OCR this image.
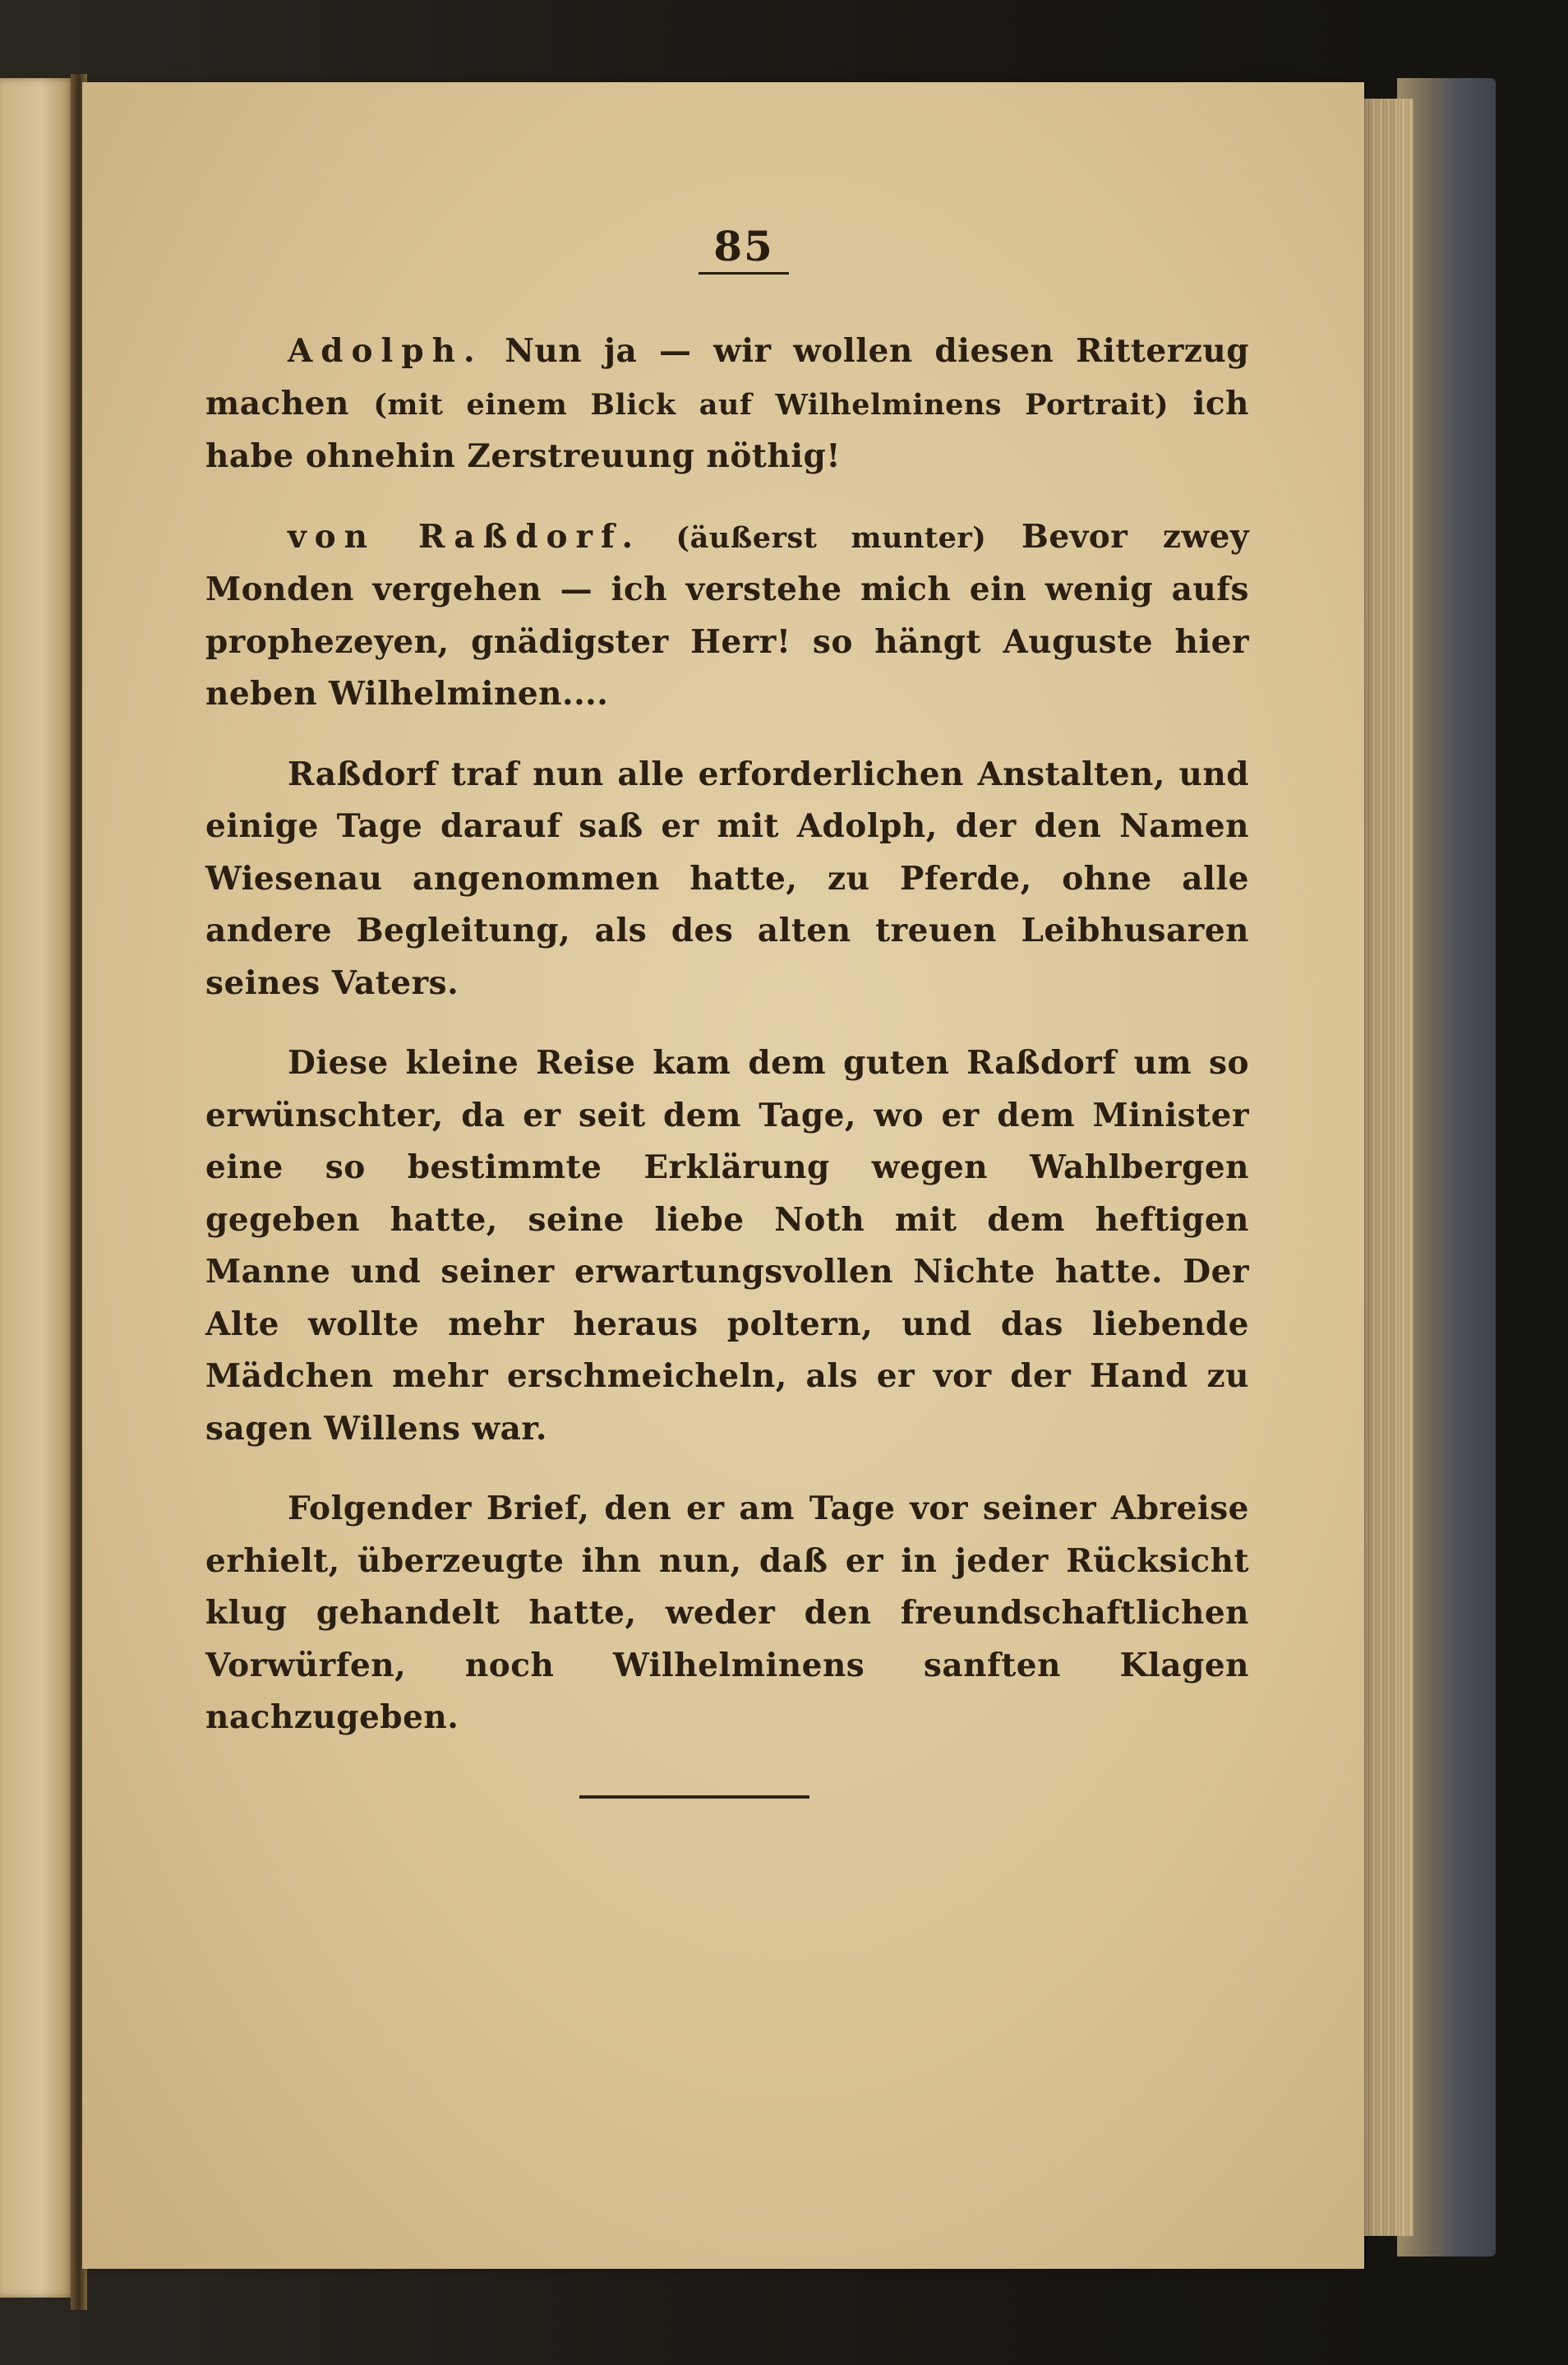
85

Adolph. Nun ja — wir wollen diesen Ritterzug machen (mit einem Blick auf Wilhelminens Portrait) ich habe ohnehin Zerstreuung nöthig!

von Raßdorf. (äußerst munter) Bevor zwey Monden vergehen — ich verstehe mich ein wenig aufs prophezeyen, gnädigster Herr! so hängt Auguste hier neben Wilhelminen....

Raßdorf traf nun alle erforderlichen Anstalten, und einige Tage darauf saß er mit Adolph, der den Namen Wiesenau angenommen hatte, zu Pferde, ohne alle andere Begleitung, als des alten treuen Leibhusaren seines Vaters.

Diese kleine Reise kam dem guten Raßdorf um so erwünschter, da er seit dem Tage, wo er dem Minister eine so bestimmte Erklärung wegen Wahlbergen gegeben hatte, seine liebe Noth mit dem heftigen Manne und seiner erwartungsvollen Nichte hatte. Der Alte wollte mehr heraus poltern, und das liebende Mädchen mehr erschmeicheln, als er vor der Hand zu sagen Willens war.

Folgender Brief, den er am Tage vor seiner Abreise erhielt, überzeugte ihn nun, daß er in jeder Rücksicht klug gehandelt hatte, weder den freundschaftlichen Vorwürfen, noch Wilhelminens sanften Klagen nachzugeben.
